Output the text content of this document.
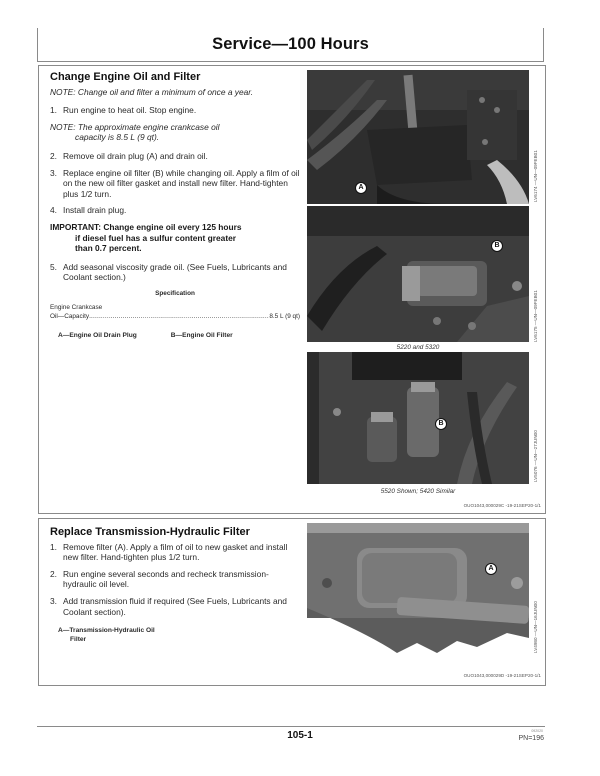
Service—100 Hours
Change Engine Oil and Filter
NOTE: Change oil and filter a minimum of once a year.
1. Run engine to heat oil. Stop engine.
NOTE: The approximate engine crankcase oil
capacity is 8.5 L (9 qt).
2. Remove oil drain plug (A) and drain oil.
3. Replace engine oil filter (B) while changing oil. Apply a film of oil on the new oil filter gasket and install new filter. Hand-tighten plus 1/2 turn.
4. Install drain plug.
IMPORTANT: Change engine oil every 125 hours
if diesel fuel has a sulfur content greater
than 0.7 percent.
5. Add seasonal viscosity grade oil. (See Fuels, Lubricants and Coolant section.)
Specification
Engine Crankcase
Oil—Capacity .....	8.5 L (9 qt)
A—Engine Oil Drain Plug	B—Engine Oil Filter
A	LV6174 —UN—09FEB01
B
5220 and 5320
LV6175 —UN—09FEB01
B
5520 Shown; 5420 Similar
LV5076 —UN—27JUN00
OUO1043,000029C -19-21SEP20-1/1
Replace Transmission-Hydraulic Filter
1. Remove filter (A). Apply a film of oil to new gasket and install new filter. Hand-tighten plus 1/2 turn.
2. Run engine several seconds and recheck transmission-hydraulic oil level.
3. Add transmission fluid if required (See Fuels, Lubricants and Coolant section).
A—Transmission-Hydraulic Oil
Filter
A
LV4980 —UN—16JUN00
OUO1043,000029D -19-21SEP20-1/1
105-1	092020
PN=196
